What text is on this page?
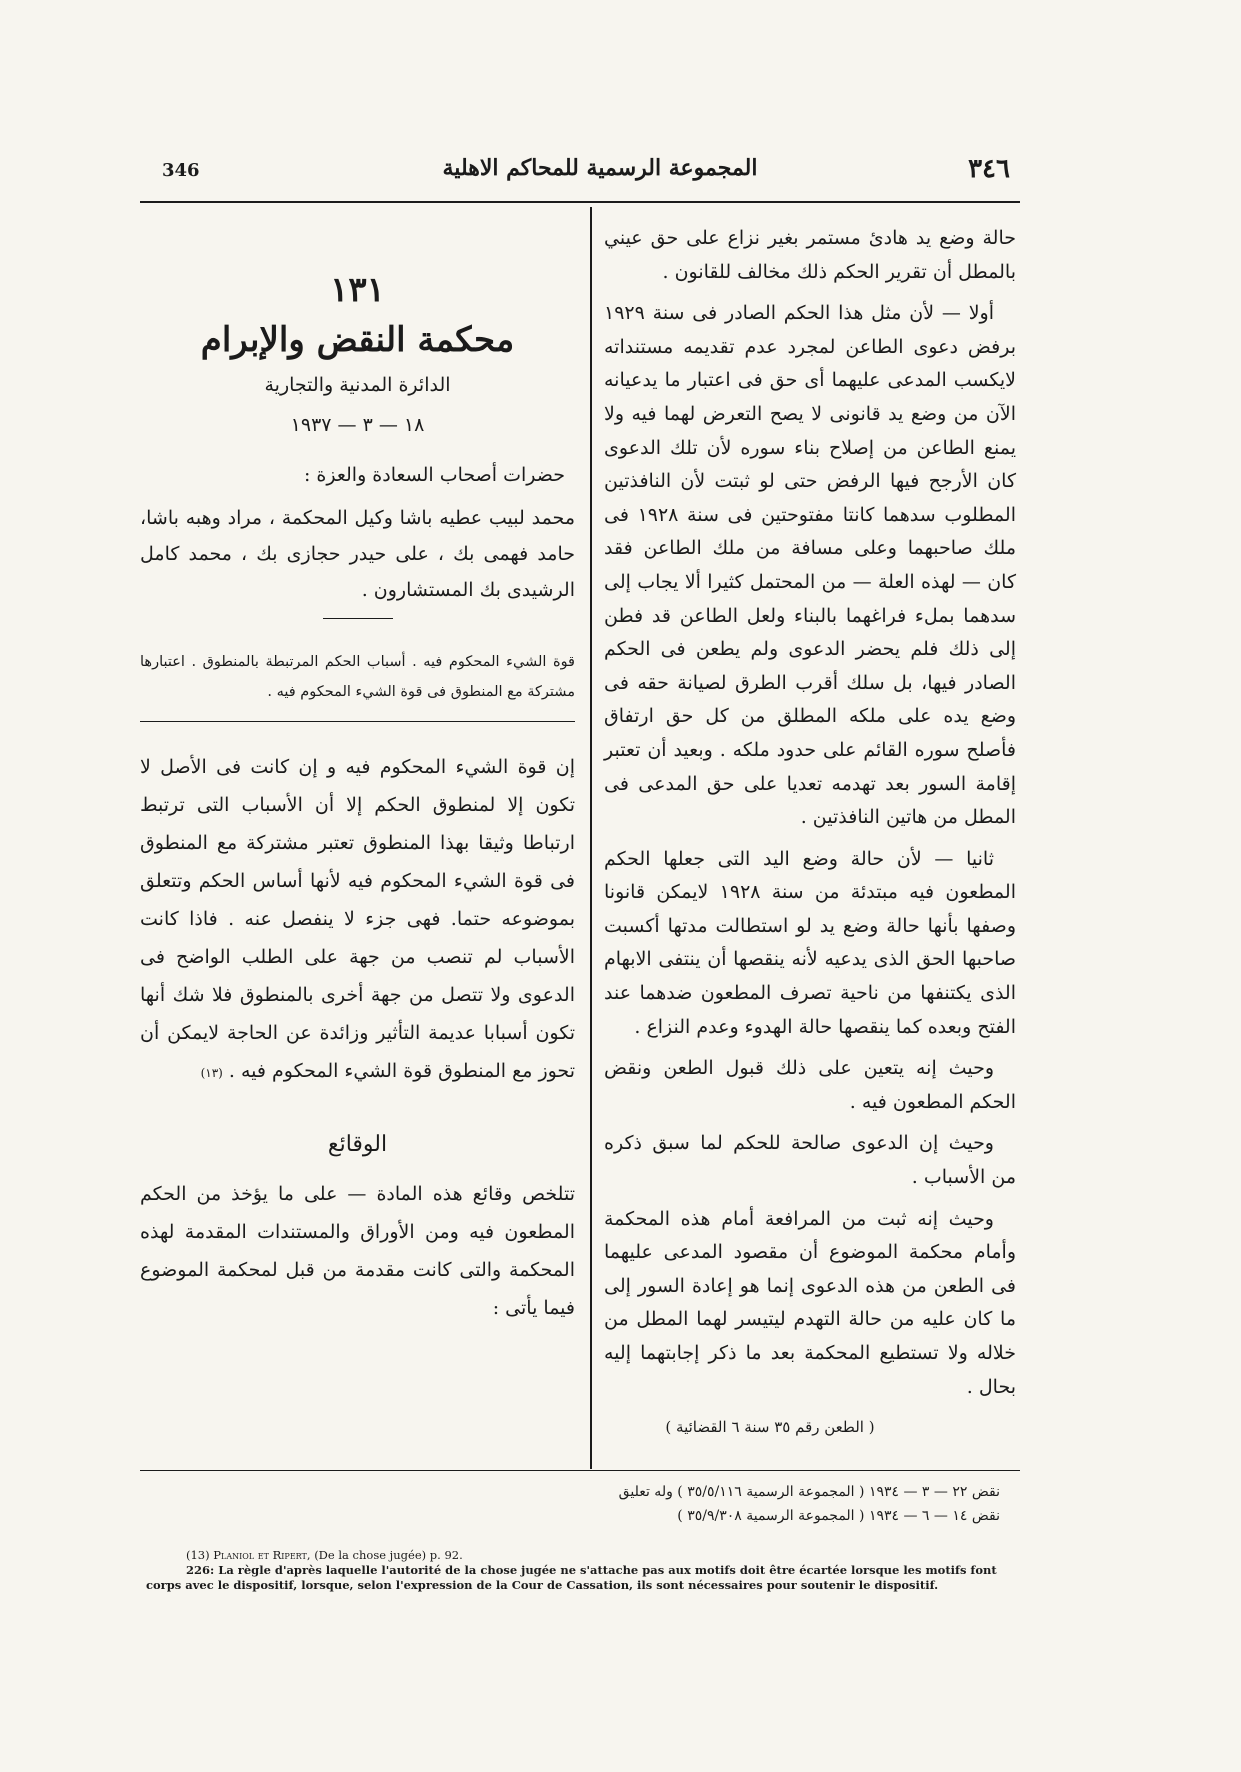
346	المجموعة الرسمية للمحاكم الاهلية	٣٤٦

حالة وضع يد هادئ مستمر بغير نزاع على حق عيني بالمطل أن تقرير الحكم ذلك مخالف للقانون .

أولا — لأن مثل هذا الحكم الصادر فى سنة ١٩٢٩ برفض دعوى الطاعن لمجرد عدم تقديمه مستنداته لايكسب المدعى عليهما أى حق فى اعتبار ما يدعيانه الآن من وضع يد قانونى لا يصح التعرض لهما فيه ولا يمنع الطاعن من إصلاح بناء سوره لأن تلك الدعوى كان الأرجح فيها الرفض حتى لو ثبتت لأن النافذتين المطلوب سدهما كانتا مفتوحتين فى سنة ١٩٢٨ فى ملك صاحبهما وعلى مسافة من ملك الطاعن فقد كان — لهذه العلة — من المحتمل كثيرا ألا يجاب إلى سدهما بملء فراغهما بالبناء ولعل الطاعن قد فطن إلى ذلك فلم يحضر الدعوى ولم يطعن فى الحكم الصادر فيها، بل سلك أقرب الطرق لصيانة حقه فى وضع يده على ملكه المطلق من كل حق ارتفاق فأصلح سوره القائم على حدود ملكه . وبعيد أن تعتبر إقامة السور بعد تهدمه تعديا على حق المدعى فى المطل من هاتين النافذتين .

ثانيا — لأن حالة وضع اليد التى جعلها الحكم المطعون فيه مبتدئة من سنة ١٩٢٨ لايمكن قانونا وصفها بأنها حالة وضع يد لو استطالت مدتها أكسبت صاحبها الحق الذى يدعيه لأنه ينقصها أن ينتفى الابهام الذى يكتنفها من ناحية تصرف المطعون ضدهما عند الفتح وبعده كما ينقصها حالة الهدوء وعدم النزاع .

وحيث إنه يتعين على ذلك قبول الطعن ونقض الحكم المطعون فيه .

وحيث إن الدعوى صالحة للحكم لما سبق ذكره من الأسباب .

وحيث إنه ثبت من المرافعة أمام هذه المحكمة وأمام محكمة الموضوع أن مقصود المدعى عليهما فى الطعن من هذه الدعوى إنما هو إعادة السور إلى ما كان عليه من حالة التهدم ليتيسر لهما المطل من خلاله ولا تستطيع المحكمة بعد ما ذكر إجابتهما إليه بحال .

( الطعن رقم ٣٥ سنة ٦ القضائية )
١٣١
محكمة النقض والإبرام
الدائرة المدنية والتجارية
١٨ — ٣ — ١٩٣٧
حضرات أصحاب السعادة والعزة :
محمد لبيب عطيه باشا وكيل المحكمة ، مراد وهبه باشا، حامد فهمى بك ، على حيدر حجازى بك ، محمد كامل الرشيدى بك المستشارون .
قوة الشيء المحكوم فيه . أسباب الحكم المرتبطة بالمنطوق . اعتبارها مشتركة مع المنطوق فى قوة الشيء المحكوم فيه .
إن قوة الشيء المحكوم فيه و إن كانت فى الأصل لا تكون إلا لمنطوق الحكم إلا أن الأسباب التى ترتبط ارتباطا وثيقا بهذا المنطوق تعتبر مشتركة مع المنطوق فى قوة الشيء المحكوم فيه لأنها أساس الحكم وتتعلق بموضوعه حتما. فهى جزء لا ينفصل عنه . فاذا كانت الأسباب لم تنصب من جهة على الطلب الواضح فى الدعوى ولا تتصل من جهة أخرى بالمنطوق فلا شك أنها تكون أسبابا عديمة التأثير وزائدة عن الحاجة لايمكن أن تحوز مع المنطوق قوة الشيء المحكوم فيه . (١٣)
الوقائع
تتلخص وقائع هذه المادة — على ما يؤخذ من الحكم المطعون فيه ومن الأوراق والمستندات المقدمة لهذه المحكمة والتى كانت مقدمة من قبل لمحكمة الموضوع فيما يأتى :
نقض ٢٢ — ٣ — ١٩٣٤ ( المجموعة الرسمية ٣٥/٥/١١٦ ) وله تعليق
نقض ١٤ — ٦ — ١٩٣٤ ( المجموعة الرسمية ٣٥/٩/٣٠٨ )
(13) Planiol et Ripert, (De la chose jugée) p. 92.
226: La règle d'après laquelle l'autorité de la chose jugée ne s'attache pas aux motifs doit être écartée lorsque les motifs font corps avec le dispositif, lorsque, selon l'expression de la Cour de Cassation, ils sont nécessaires pour soutenir le dispositif.
